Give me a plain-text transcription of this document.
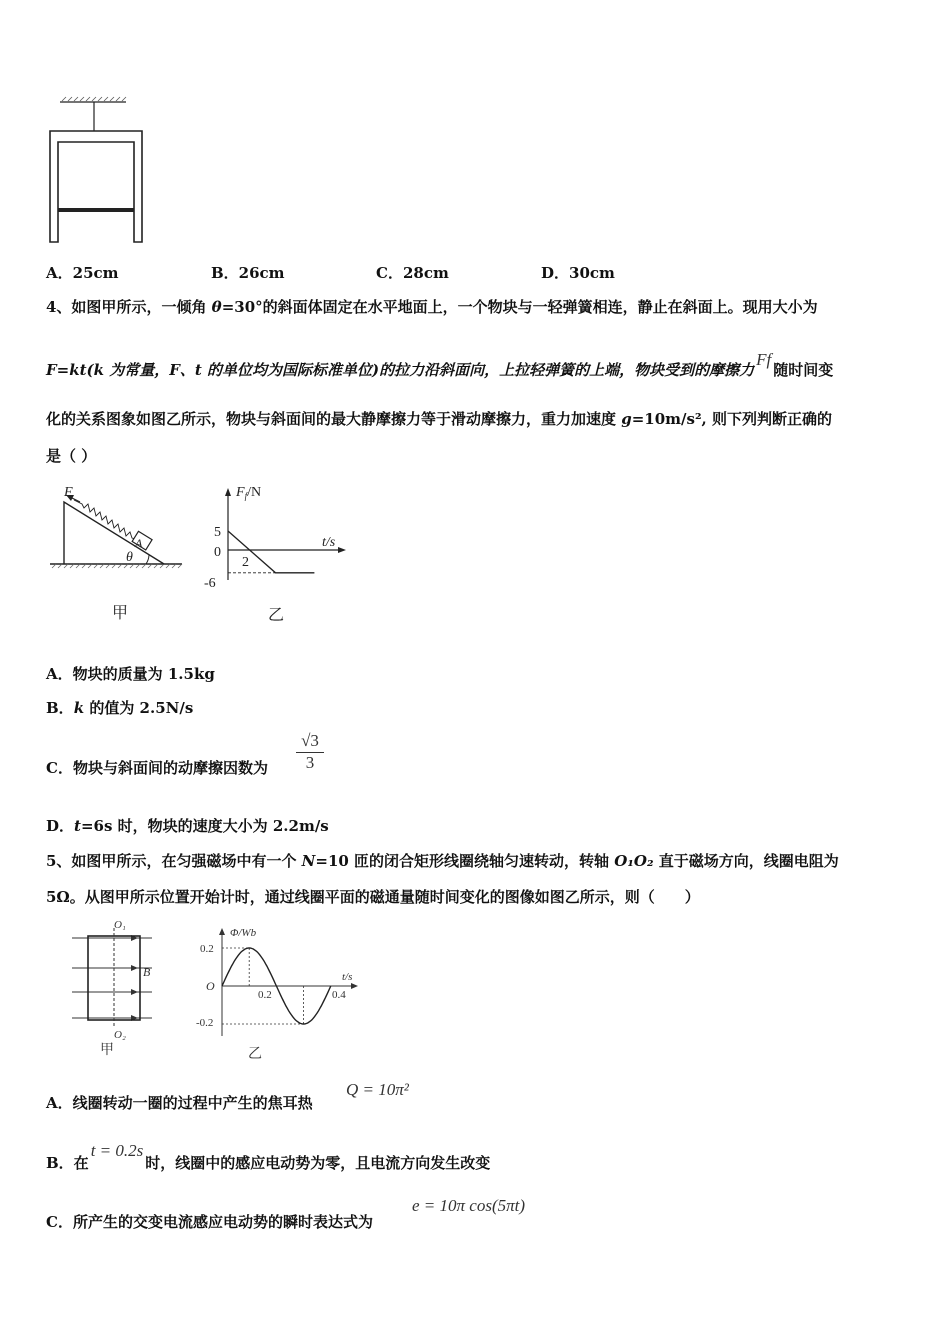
A．25cm	B．26cm	C．28cm	D．30cm
4、如图甲所示，一倾角 θ=30°的斜面体固定在水平地面上，一个物块与一轻弹簧相连，静止在斜面上。现用大小为
F=kt(k 为常量，F、t 的单位均为国际标准单位)的拉力沿斜面向，上拉轻弹簧的上端，物块受到的摩擦力Ff随时间变
化的关系图象如图乙所示，物块与斜面间的最大静摩擦力等于滑动摩擦力，重力加速度 g=10m/s², 则下列判断正确的
是（ ）
F
A
θ
甲
$F_f/N$
t/s
5
0
2
-6
乙
A．物块的质量为 1.5kg
B．k 的值为 2.5N/s
C．物块与斜面间的动摩擦因数为 $\frac{√3}{3}$
D．t=6s 时，物块的速度大小为 2.2m/s
5、如图甲所示，在匀强磁场中有一个 N=10 匝的闭合矩形线圈绕轴匀速转动，转轴 O₁O₂ 直于磁场方向，线圈电阻为
5Ω。从图甲所示位置开始计时，通过线圈平面的磁通量随时间变化的图像如图乙所示，则（　　）
O₁
O₂
B
甲
Φ/Wb
t/s
O
0.2
-0.2
0.2	0.4
乙
A．线圈转动一圈的过程中产生的焦耳热
Q = 10π²
B．在t = 0.2s时，线圈中的感应电动势为零，且电流方向发生改变
C．所产生的交变电流感应电动势的瞬时表达式为
e = 10π cos(5πt)
